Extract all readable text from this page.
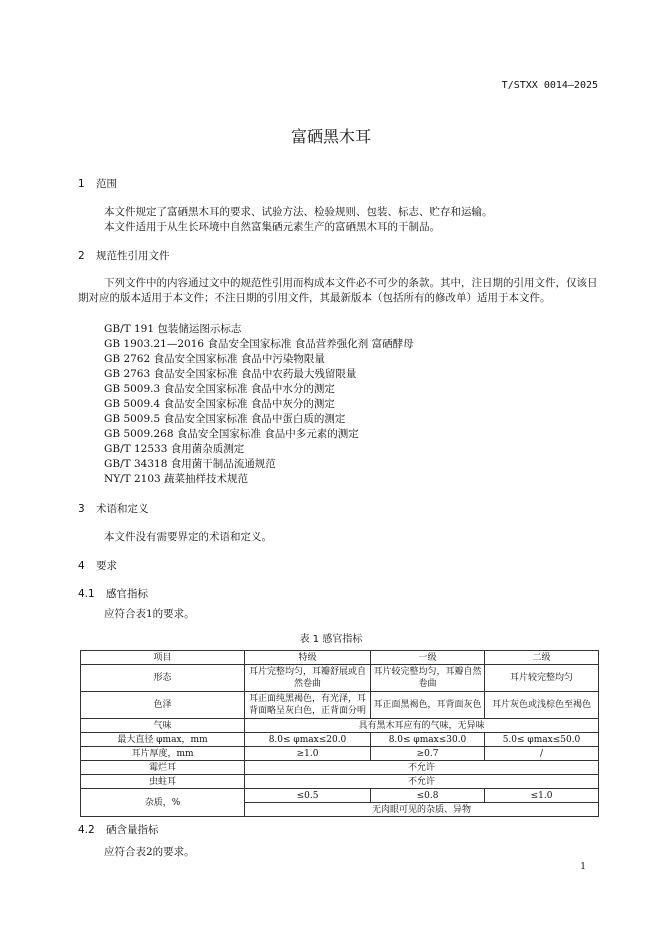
T/STXX 0014—2025
富硒黑木耳
1 范围
本文件规定了富硒黑木耳的要求、试验方法、检验规则、包装、标志、贮存和运输。
本文件适用于从生长环境中自然富集硒元素生产的富硒黑木耳的干制品。
2 规范性引用文件
下列文件中的内容通过文中的规范性引用而构成本文件必不可少的条款。其中，注日期的引用文件，仅该日期对应的版本适用于本文件；不注日期的引用文件，其最新版本（包括所有的修改单）适用于本文件。
GB/T 191 包装储运图示标志
GB 1903.21—2016 食品安全国家标准 食品营养强化剂 富硒酵母
GB 2762 食品安全国家标准 食品中污染物限量
GB 2763 食品安全国家标准 食品中农药最大残留限量
GB 5009.3 食品安全国家标准 食品中水分的测定
GB 5009.4 食品安全国家标准 食品中灰分的测定
GB 5009.5 食品安全国家标准 食品中蛋白质的测定
GB 5009.268 食品安全国家标准 食品中多元素的测定
GB/T 12533 食用菌杂质测定
GB/T 34318 食用菌干制品流通规范
NY/T 2103 蔬菜抽样技术规范
3 术语和定义
本文件没有需要界定的术语和定义。
4 要求
4.1 感官指标
应符合表1的要求。
表 1 感官指标
项目	特级	一级	二级
形态	耳片完整均匀，耳瓣舒展或自然卷曲	耳片较完整均匀，耳瓣自然卷曲	耳片较完整均匀
色泽	耳正面纯黑褐色，有光泽，耳背面略呈灰白色，正背面分明	耳正面黑褐色，耳背面灰色	耳片灰色或浅棕色至褐色
气味	具有黑木耳应有的气味，无异味		
最大直径 φmax，mm	8.0≤ φmax≤20.0	8.0≤ φmax≤30.0	5.0≤ φmax≤50.0
耳片厚度，mm	≥1.0	≥0.7	/
霉烂耳	不允许		
虫蛀耳	不允许		
杂质，%	≤0.5	≤0.8	≤1.0
	无肉眼可见的杂质、异物		
4.2 硒含量指标
应符合表2的要求。
1
